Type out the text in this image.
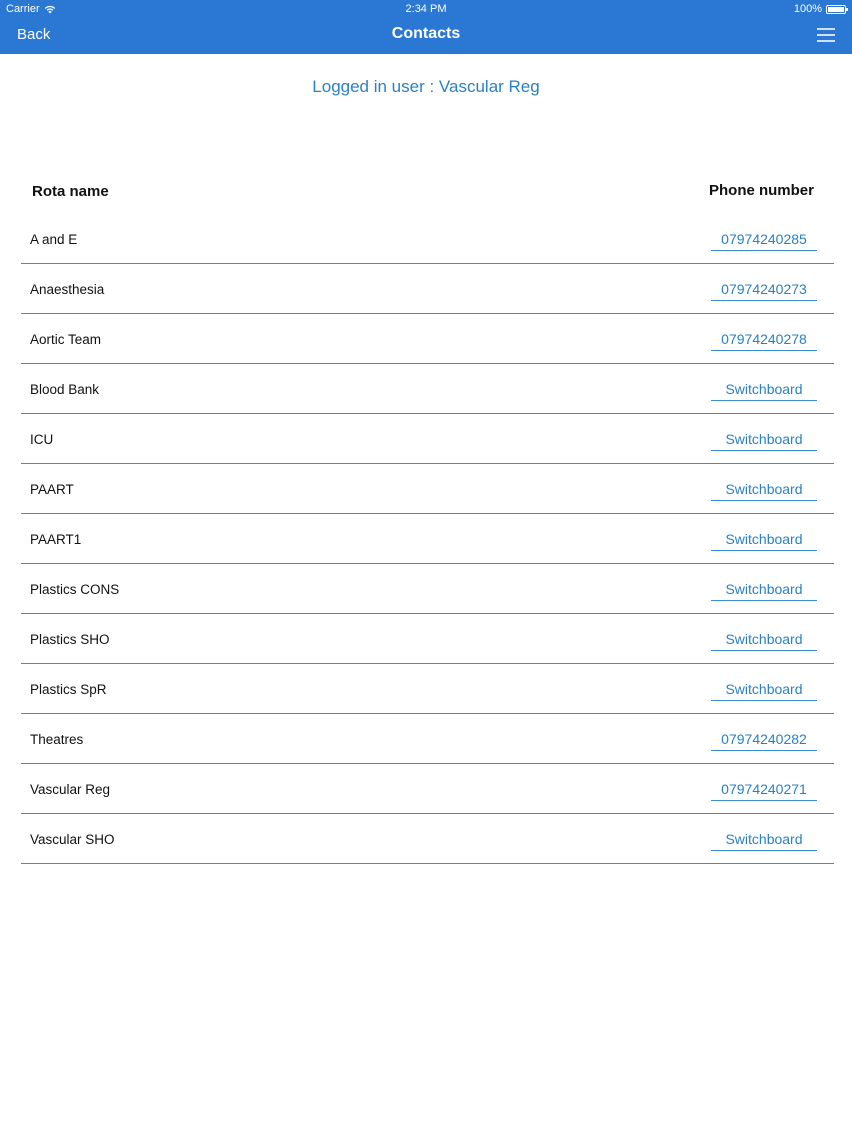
Carrier	2:34 PM	100%
Back	Contacts
Logged in user : Vascular Reg
Rota name	Phone number
A and E	07974240285
Anaesthesia	07974240273
Aortic Team	07974240278
Blood Bank	Switchboard
ICU	Switchboard
PAART	Switchboard
PAART1	Switchboard
Plastics CONS	Switchboard
Plastics SHO	Switchboard
Plastics SpR	Switchboard
Theatres	07974240282
Vascular Reg	07974240271
Vascular SHO	Switchboard
